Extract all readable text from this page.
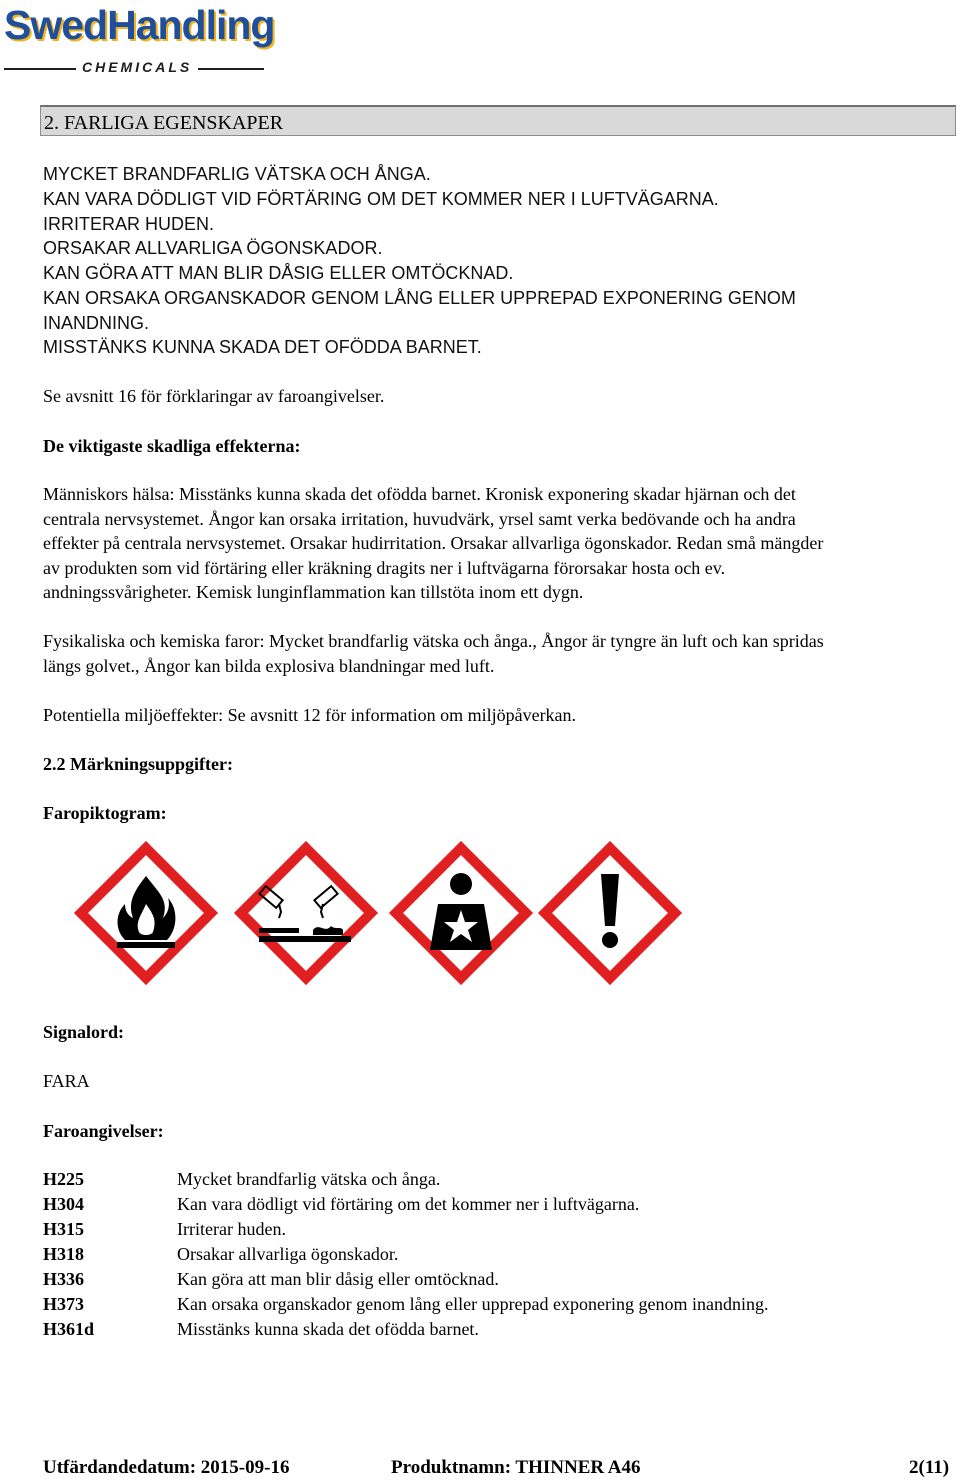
SwedHandling
CHEMICALS
2. FARLIGA EGENSKAPER
MYCKET BRANDFARLIG VÄTSKA OCH ÅNGA.
KAN VARA DÖDLIGT VID FÖRTÄRING OM DET KOMMER NER I LUFTVÄGARNA.
IRRITERAR HUDEN.
ORSAKAR ALLVARLIGA ÖGONSKADOR.
KAN GÖRA ATT MAN BLIR DÅSIG ELLER OMTÖCKNAD.
KAN ORSAKA ORGANSKADOR GENOM LÅNG ELLER UPPREPAD EXPONERING GENOM
INANDNING.
MISSTÄNKS KUNNA SKADA DET OFÖDDA BARNET.
Se avsnitt 16 för förklaringar av faroangivelser.
De viktigaste skadliga effekterna:
Människors hälsa: Misstänks kunna skada det ofödda barnet. Kronisk exponering skadar hjärnan och det
centrala nervsystemet. Ångor kan orsaka irritation, huvudvärk, yrsel samt verka bedövande och ha andra
effekter på centrala nervsystemet. Orsakar hudirritation. Orsakar allvarliga ögonskador. Redan små mängder
av produkten som vid förtäring eller kräkning dragits ner i luftvägarna förorsakar hosta och ev.
andningssvårigheter. Kemisk lunginflammation kan tillstöta inom ett dygn.
Fysikaliska och kemiska faror: Mycket brandfarlig vätska och ånga., Ångor är tyngre än luft och kan spridas
längs golvet., Ångor kan bilda explosiva blandningar med luft.
Potentiella miljöeffekter: Se avsnitt 12 för information om miljöpåverkan.
2.2 Märkningsuppgifter:
Faropiktogram:
Signalord:
FARA
Faroangivelser:
H225	Mycket brandfarlig vätska och ånga.
H304	Kan vara dödligt vid förtäring om det kommer ner i luftvägarna.
H315	Irriterar huden.
H318	Orsakar allvarliga ögonskador.
H336	Kan göra att man blir dåsig eller omtöcknad.
H373	Kan orsaka organskador genom lång eller upprepad exponering genom inandning.
H361d	Misstänks kunna skada det ofödda barnet.
Utfärdandedatum: 2015-09-16	Produktnamn: THINNER A46	2(11)
